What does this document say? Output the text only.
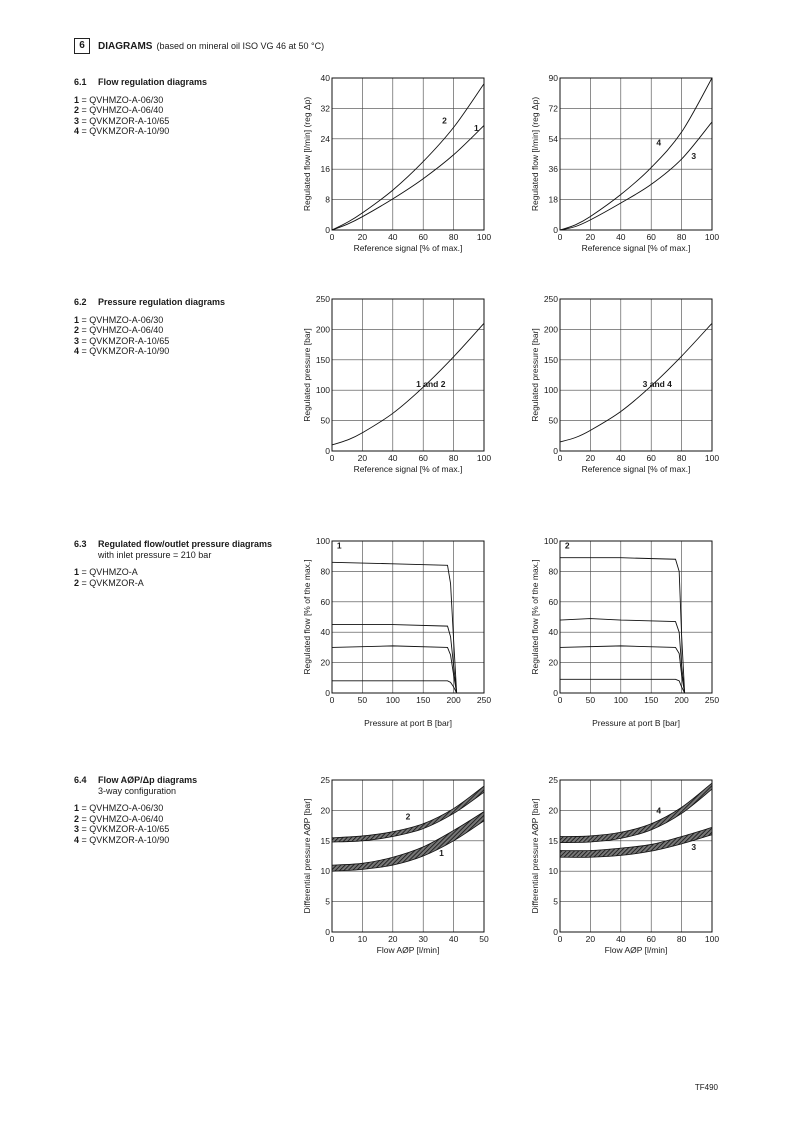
6	DIAGRAMS (based on mineral oil ISO VG 46 at 50 °C)
6.1 Flow regulation diagrams
1 = QVHMZO-A-06/30
2 = QVHMZO-A-06/40
3 = QVKMZOR-A-10/65
4 = QVKMZOR-A-10/90
6.2 Pressure regulation diagrams
1 = QVHMZO-A-06/30
2 = QVHMZO-A-06/40
3 = QVKMZOR-A-10/65
4 = QVKMZOR-A-10/90
6.3 Regulated flow/outlet pressure diagrams
with inlet pressure = 210 bar
1 = QVHMZO-A
2 = QVKMZOR-A
6.4 Flow AØP/Δp diagrams
3-way configuration
1 = QVHMZO-A-06/30
2 = QVHMZO-A-06/40
3 = QVKMZOR-A-10/65
4 = QVKMZOR-A-10/90
0	20 40 60 80 100
0
8
16
24
32
40
Reference signal [% of max.]
Regulated flow [l/min] (reg Δp)	1
2
0	20 40 60 80 100
0
18
36
54
72
90
Reference signal [% of max.]
Regulated flow [l/min] (reg Δp)	3
4
0	20 40 60 80 100
0
50
100
150
200
250
Reference signal [% of max.]
Regulated pressure [bar]	1 and 2
0	20 40 60 80 100
0
50
100
150
200
250
Reference signal [% of max.]
Regulated pressure [bar]	3 and 4
0	50 100 150 200 250
0
20
40
60
80
100
Pressure at port B [bar]
Regulated flow [% of the max.]
1
0	50 100 150 200 250
0
20
40
60
80
100
Pressure at port B [bar]
Regulated flow [% of the max.]
2
0	10 20 30 40 50
0
5
10
15
20
25
Flow AØP [l/min]
Differential pressure AØP [bar]	1
2
0	20 40 60 80 100
0
5
10
15
20
25
Flow AØP [l/min]
Differential pressure AØP [bar]	3
4
TF490
